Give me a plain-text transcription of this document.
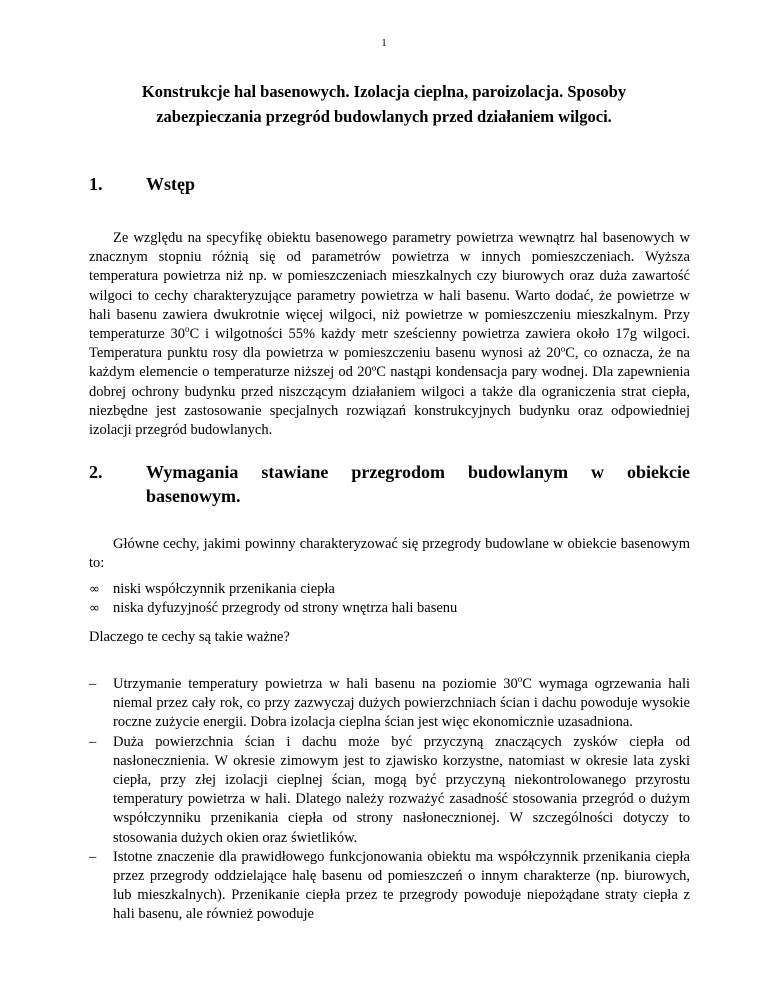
1
Konstrukcje hal basenowych. Izolacja cieplna, paroizolacja. Sposoby zabezpieczania przegród budowlanych przed działaniem wilgoci.
1. Wstęp

Ze względu na specyfikę obiektu basenowego parametry powietrza wewnątrz hal basenowych w znacznym stopniu różnią się od parametrów powietrza w innych pomieszczeniach. Wyższa temperatura powietrza niż np. w pomieszczeniach mieszkalnych czy biurowych oraz duża zawartość wilgoci to cechy charakteryzujące parametry powietrza w hali basenu. Warto dodać, że powietrze w hali basenu zawiera dwukrotnie więcej wilgoci, niż powietrze w pomieszczeniu mieszkalnym. Przy temperaturze 30$^o$C i wilgotności 55% każdy metr sześcienny powietrza zawiera około 17g wilgoci. Temperatura punktu rosy dla powietrza w pomieszczeniu basenu wynosi aż 20ºC, co oznacza, że na każdym elemencie o temperaturze niższej od 20ºC nastąpi kondensacja pary wodnej. Dla zapewnienia dobrej ochrony budynku przed niszczącym działaniem wilgoci a także dla ograniczenia strat ciepła, niezbędne jest zastosowanie specjalnych rozwiązań konstrukcyjnych budynku oraz odpowiedniej izolacji przegród budowlanych.

2. Wymagania stawiane przegrodom budowlanym w obiekcie basenowym.

Główne cechy, jakimi powinny charakteryzować się przegrody budowlane w obiekcie basenowym to:

∞ niski współczynnik przenikania ciepła
∞ niska dyfuzyjność przegrody od strony wnętrza hali basenu

Dlaczego te cechy są takie ważne?

– Utrzymanie temperatury powietrza w hali basenu na poziomie 30$^o$C wymaga ogrzewania hali niemal przez cały rok, co przy zazwyczaj dużych powierzchniach ścian i dachu powoduje wysokie roczne zużycie energii. Dobra izolacja cieplna ścian jest więc ekonomicznie uzasadniona.
– Duża powierzchnia ścian i dachu może być przyczyną znaczących zysków ciepła od nasłonecznienia. W okresie zimowym jest to zjawisko korzystne, natomiast w okresie lata zyski ciepła, przy złej izolacji cieplnej ścian, mogą być przyczyną niekontrolowanego przyrostu temperatury powietrza w hali. Dlatego należy rozważyć zasadność stosowania przegród o dużym współczynniku przenikania ciepła od strony nasłonecznionej. W szczególności dotyczy to stosowania dużych okien oraz świetlików.
– Istotne znaczenie dla prawidłowego funkcjonowania obiektu ma współczynnik przenikania ciepła przez przegrody oddzielające halę basenu od pomieszczeń o innym charakterze (np. biurowych, lub mieszkalnych). Przenikanie ciepła przez te przegrody powoduje niepożądane straty ciepła z hali basenu, ale również powoduje
